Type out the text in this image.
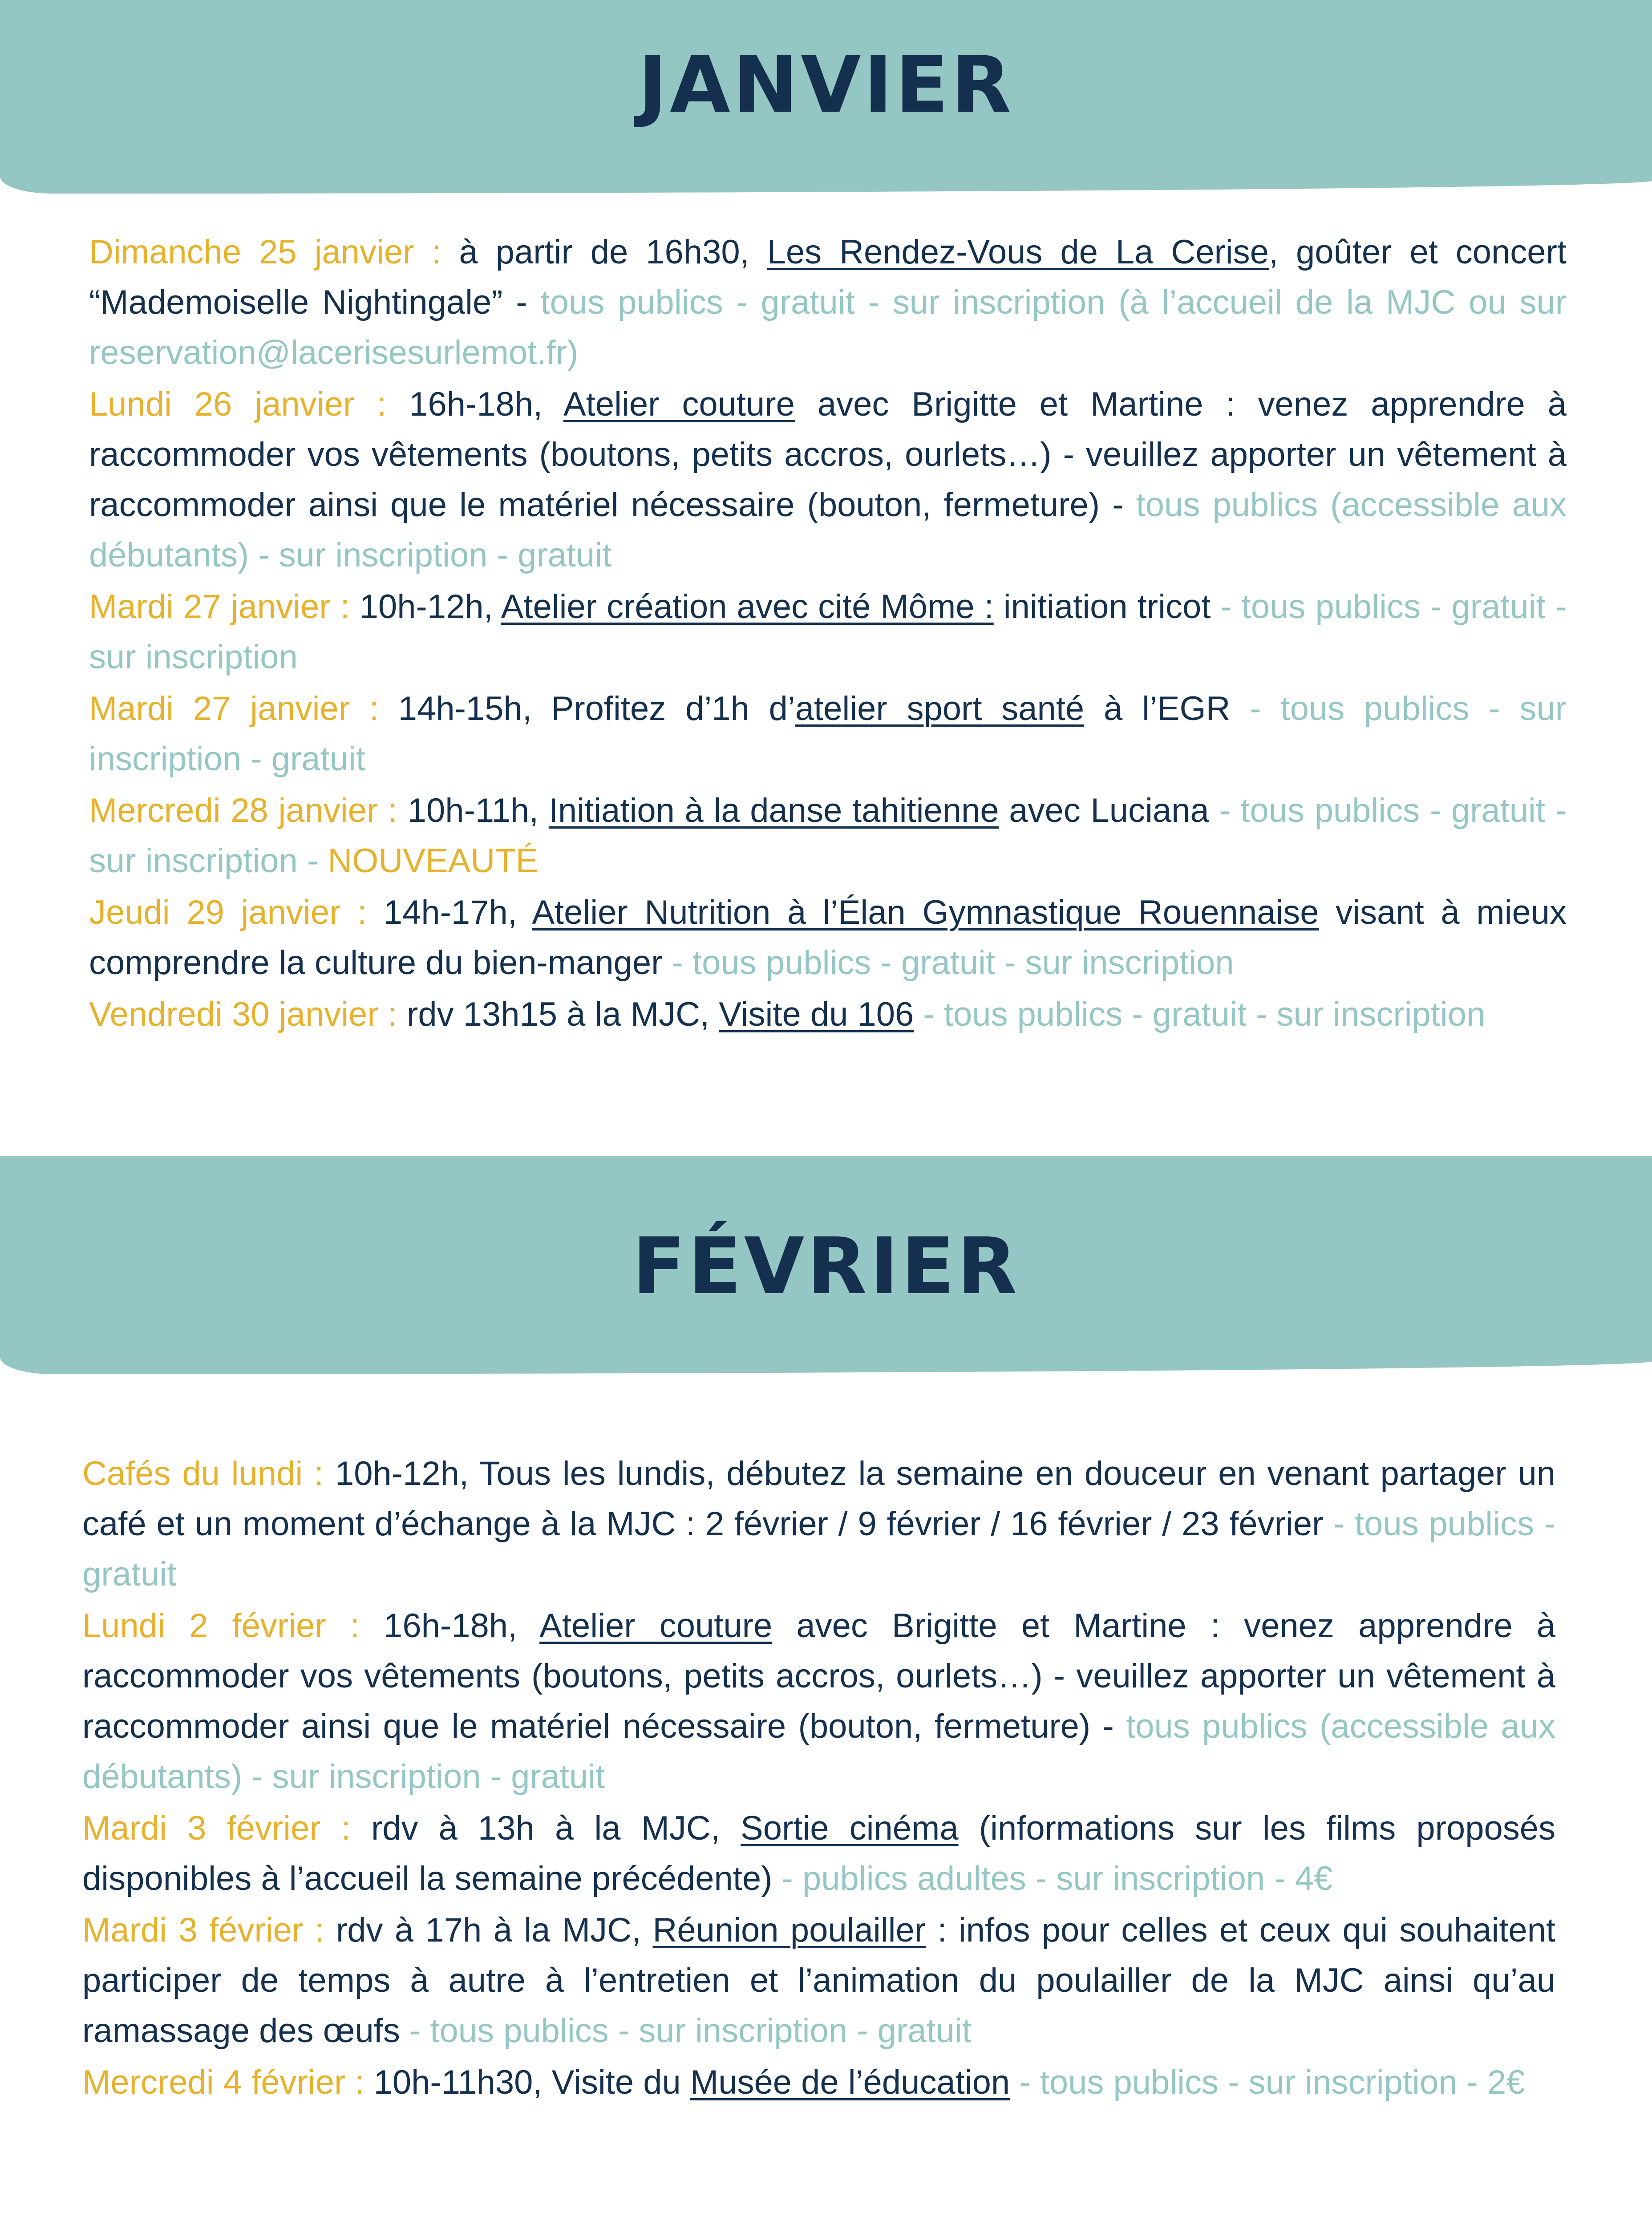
JANVIER

Dimanche 25 janvier : à partir de 16h30, Les Rendez-Vous de La Cerise, goûter et concert “Mademoiselle Nightingale” - tous publics - gratuit - sur inscription (à l’accueil de la MJC ou sur reservation@lacerisesurlemot.fr)

Lundi 26 janvier : 16h-18h, Atelier couture avec Brigitte et Martine : venez apprendre à raccommoder vos vêtements (boutons, petits accros, ourlets…) - veuillez apporter un vêtement à raccommoder ainsi que le matériel nécessaire (bouton, fermeture) - tous publics (accessible aux débutants) - sur inscription - gratuit

Mardi 27 janvier : 10h-12h, Atelier création avec cité Môme : initiation tricot - tous publics - gratuit - sur inscription

Mardi 27 janvier : 14h-15h, Profitez d’1h d’atelier sport santé à l’EGR - tous publics - sur inscription - gratuit

Mercredi 28 janvier : 10h-11h, Initiation à la danse tahitienne avec Luciana - tous publics - gratuit - sur inscription - NOUVEAUTÉ

Jeudi 29 janvier : 14h-17h, Atelier Nutrition à l’Élan Gymnastique Rouennaise visant à mieux comprendre la culture du bien-manger - tous publics - gratuit - sur inscription

Vendredi 30 janvier : rdv 13h15 à la MJC, Visite du 106 - tous publics - gratuit - sur inscription

FÉVRIER

Cafés du lundi : 10h-12h, Tous les lundis, débutez la semaine en douceur en venant partager un café et un moment d’échange à la MJC : 2 février / 9 février / 16 février / 23 février - tous publics - gratuit

Lundi 2 février : 16h-18h, Atelier couture avec Brigitte et Martine : venez apprendre à raccommoder vos vêtements (boutons, petits accros, ourlets…) - veuillez apporter un vêtement à raccommoder ainsi que le matériel nécessaire (bouton, fermeture) - tous publics (accessible aux débutants) - sur inscription - gratuit

Mardi 3 février : rdv à 13h à la MJC, Sortie cinéma (informations sur les films proposés disponibles à l’accueil la semaine précédente) - publics adultes - sur inscription - 4€

Mardi 3 février : rdv à 17h à la MJC, Réunion poulailler : infos pour celles et ceux qui souhaitent participer de temps à autre à l’entretien et l’animation du poulailler de la MJC ainsi qu’au ramassage des œufs - tous publics - sur inscription - gratuit

Mercredi 4 février : 10h-11h30, Visite du Musée de l’éducation - tous publics - sur inscription - 2€
